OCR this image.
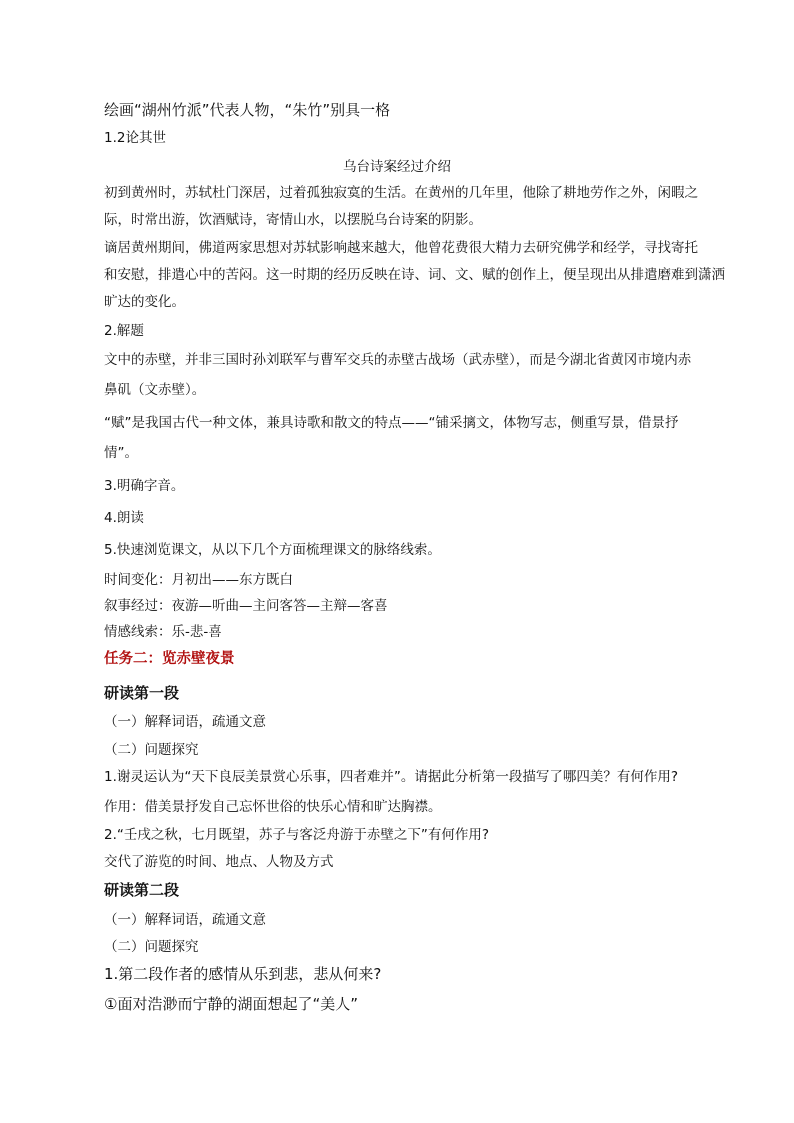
绘画“湖州竹派”代表人物，“朱竹”别具一格
1.2论其世
乌台诗案经过介绍
初到黄州时，苏轼杜门深居，过着孤独寂寞的生活。在黄州的几年里，他除了耕地劳作之外，闲暇之
际，时常出游，饮酒赋诗，寄情山水，以摆脱乌台诗案的阴影。
谪居黄州期间，佛道两家思想对苏轼影响越来越大，他曾花费很大精力去研究佛学和经学，寻找寄托
和安慰，排遣心中的苦闷。这一时期的经历反映在诗、词、文、赋的创作上，便呈现出从排遣磨难到潇洒
旷达的变化。
2.解题
文中的赤壁，并非三国时孙刘联军与曹军交兵的赤壁古战场（武赤壁），而是今湖北省黄冈市境内赤
鼻矶（文赤壁）。
“赋”是我国古代一种文体，兼具诗歌和散文的特点——“铺采摛文，体物写志，侧重写景，借景抒
情”。
3.明确字音。
4.朗读
5.快速浏览课文，从以下几个方面梳理课文的脉络线索。
时间变化：月初出——东方既白
叙事经过：夜游—听曲—主问客答—主辩—客喜
情感线索：乐-悲-喜
任务二：览赤壁夜景
研读第一段
（一）解释词语，疏通文意
（二）问题探究
1.谢灵运认为“天下良辰美景赏心乐事，四者难并”。请据此分析第一段描写了哪四美？有何作用?
作用：借美景抒发自己忘怀世俗的快乐心情和旷达胸襟。
2.“壬戌之秋，七月既望，苏子与客泛舟游于赤壁之下”有何作用?
交代了游览的时间、地点、人物及方式
研读第二段
（一）解释词语，疏通文意
（二）问题探究
1.第二段作者的感情从乐到悲，悲从何来?
①面对浩渺而宁静的湖面想起了“美人”
